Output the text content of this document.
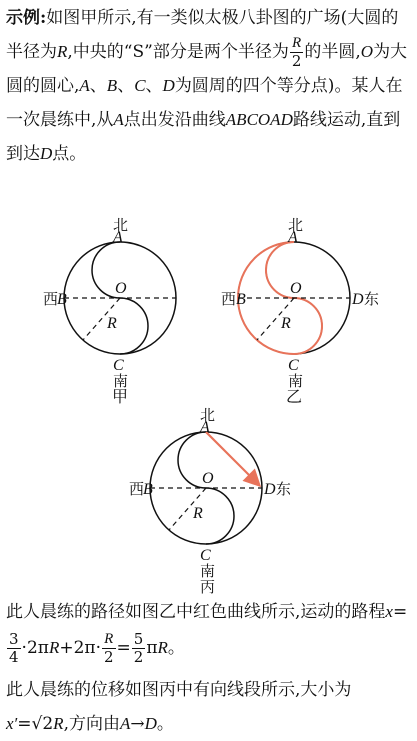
示例:如图甲所示,有一类似太极八卦图的广场(大圆的半径为R,中央的“S”部分是两个半径为 $\frac{R}{2}$ 的半圆,O为大圆的圆心,A、B、C、D为圆周的四个等分点)。某人在一次晨练中,从A点出发沿曲线ABCOAD路线运动,直到到达D点。
北
A
西
B
O
R
C
南
甲
北
A
西 B
O
D 东
R
C
南
乙
北
A
西
B
O
D 东
R
C
南
丙
此人晨练的路径如图乙中红色曲线所示,运动的路程x=
$\frac{3}{4} \cdot 2\pi R+2\pi\cdot \frac{R}{2} = \frac{5}{2}$ πR。
此人晨练的位移如图丙中有向线段所示,大小为x′=√2R,方向由A→D。
